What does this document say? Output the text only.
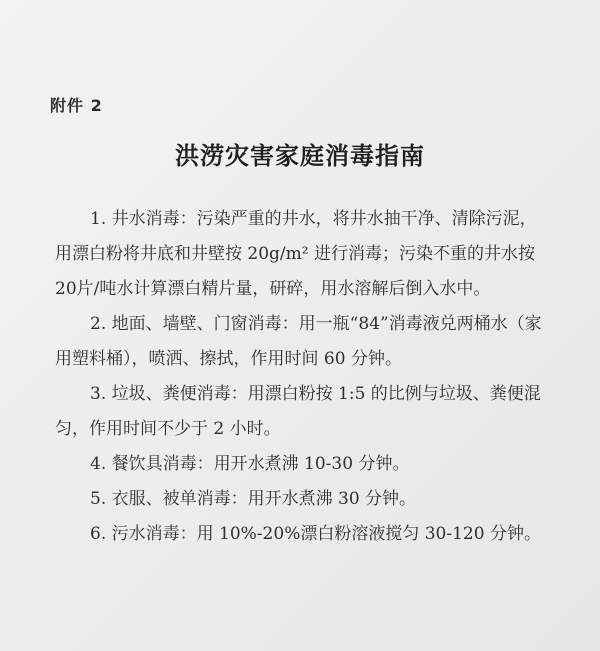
附件 2
洪涝灾害家庭消毒指南
1. 井水消毒：污染严重的井水，将井水抽干净、清除污泥，
用漂白粉将井底和井壁按 20g/m² 进行消毒；污染不重的井水按
20片/吨水计算漂白精片量，研碎，用水溶解后倒入水中。
2. 地面、墙壁、门窗消毒：用一瓶“84”消毒液兑两桶水（家
用塑料桶），喷洒、擦拭，作用时间 60 分钟。
3. 垃圾、粪便消毒：用漂白粉按 1:5 的比例与垃圾、粪便混
匀，作用时间不少于 2 小时。
4. 餐饮具消毒：用开水煮沸 10-30 分钟。
5. 衣服、被单消毒：用开水煮沸 30 分钟。
6. 污水消毒：用 10%-20%漂白粉溶液搅匀 30-120 分钟。
